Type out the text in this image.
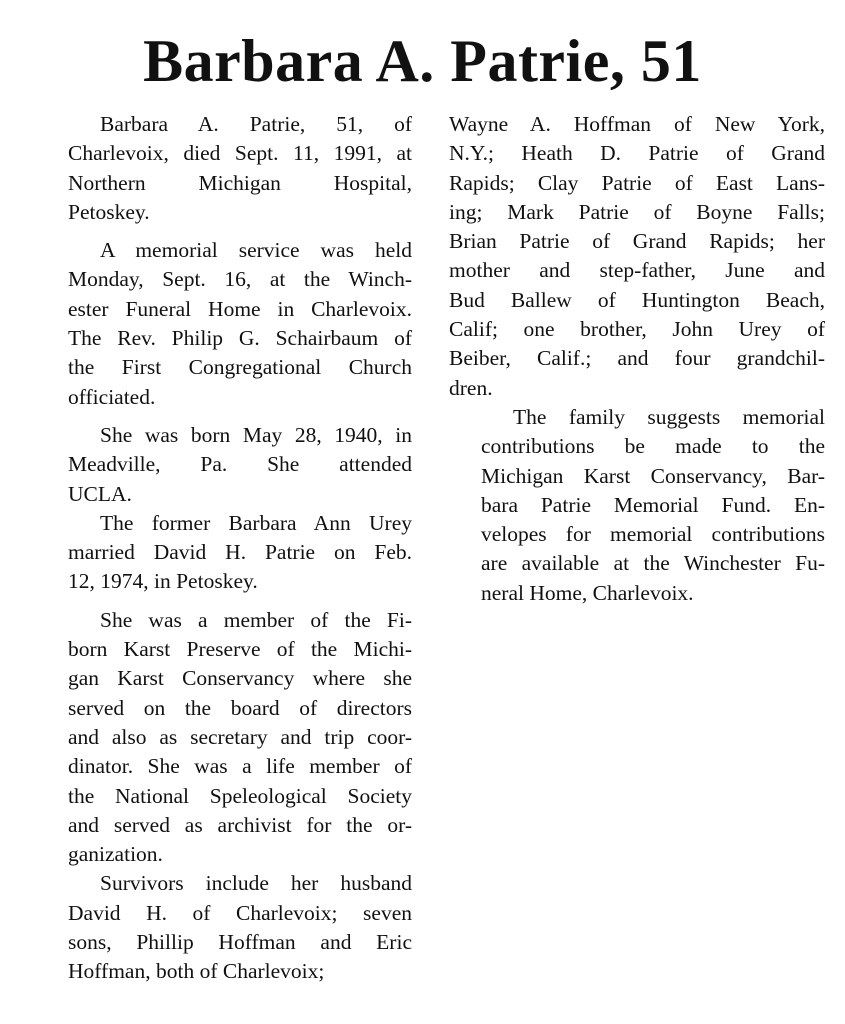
Barbara A. Patrie, 51
Barbara A. Patrie, 51, of
Charlevoix, died Sept. 11, 1991, at
Northern Michigan Hospital,
Petoskey.
A memorial service was held
Monday, Sept. 16, at the Winch-
ester Funeral Home in Charlevoix.
The Rev. Philip G. Schairbaum of
the First Congregational Church
officiated.
She was born May 28, 1940, in
Meadville, Pa. She attended
UCLA.
The former Barbara Ann Urey
married David H. Patrie on Feb.
12, 1974, in Petoskey.
She was a member of the Fi-
born Karst Preserve of the Michi-
gan Karst Conservancy where she
served on the board of directors
and also as secretary and trip coor-
dinator. She was a life member of
the National Speleological Society
and served as archivist for the or-
ganization.
Survivors include her husband
David H. of Charlevoix; seven
sons, Phillip Hoffman and Eric
Hoffman, both of Charlevoix;
Wayne A. Hoffman of New York,
N.Y.; Heath D. Patrie of Grand
Rapids; Clay Patrie of East Lans-
ing; Mark Patrie of Boyne Falls;
Brian Patrie of Grand Rapids; her
mother and step-father, June and
Bud Ballew of Huntington Beach,
Calif; one brother, John Urey of
Beiber, Calif.; and four grandchil-
dren.
The family suggests memorial
contributions be made to the
Michigan Karst Conservancy, Bar-
bara Patrie Memorial Fund. En-
velopes for memorial contributions
are available at the Winchester Fu-
neral Home, Charlevoix.
